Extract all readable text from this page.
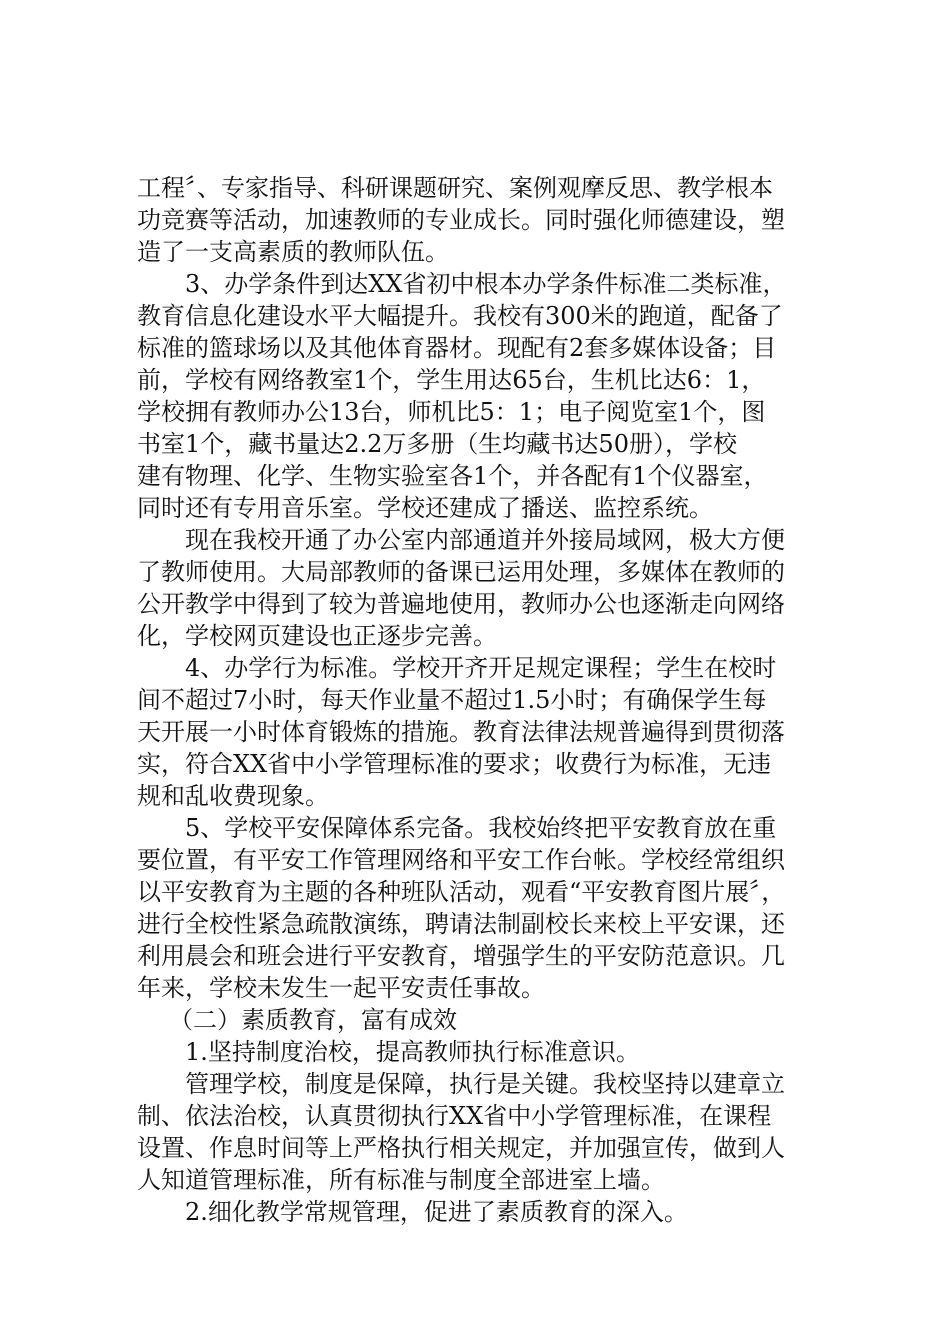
工程〞、专家指导、科研课题研究、案例观摩反思、教学根本
功竞赛等活动，加速教师的专业成长。同时强化师德建设，塑
造了一支高素质的教师队伍。
3、办学条件到达XX省初中根本办学条件标准二类标准，
教育信息化建设水平大幅提升。我校有300米的跑道，配备了
标准的篮球场以及其他体育器材。现配有2套多媒体设备；目
前，学校有网络教室1个，学生用达65台，生机比达6：1，
学校拥有教师办公13台，师机比5：1；电子阅览室1个，图
书室1个，藏书量达2.2万多册（生均藏书达50册），学校
建有物理、化学、生物实验室各1个，并各配有1个仪器室，
同时还有专用音乐室。学校还建成了播送、监控系统。
现在我校开通了办公室内部通道并外接局域网，极大方便
了教师使用。大局部教师的备课已运用处理，多媒体在教师的
公开教学中得到了较为普遍地使用，教师办公也逐渐走向网络
化，学校网页建设也正逐步完善。
4、办学行为标准。学校开齐开足规定课程；学生在校时
间不超过7小时，每天作业量不超过1.5小时；有确保学生每
天开展一小时体育锻炼的措施。教育法律法规普遍得到贯彻落
实，符合XX省中小学管理标准的要求；收费行为标准，无违
规和乱收费现象。
5、学校平安保障体系完备。我校始终把平安教育放在重
要位置，有平安工作管理网络和平安工作台帐。学校经常组织
以平安教育为主题的各种班队活动，观看“平安教育图片展〞，
进行全校性紧急疏散演练，聘请法制副校长来校上平安课，还
利用晨会和班会进行平安教育，增强学生的平安防范意识。几
年来，学校未发生一起平安责任事故。
（二）素质教育，富有成效
1.坚持制度治校，提高教师执行标准意识。
管理学校，制度是保障，执行是关键。我校坚持以建章立
制、依法治校，认真贯彻执行XX省中小学管理标准，在课程
设置、作息时间等上严格执行相关规定，并加强宣传，做到人
人知道管理标准，所有标准与制度全部进室上墙。
2.细化教学常规管理，促进了素质教育的深入。
